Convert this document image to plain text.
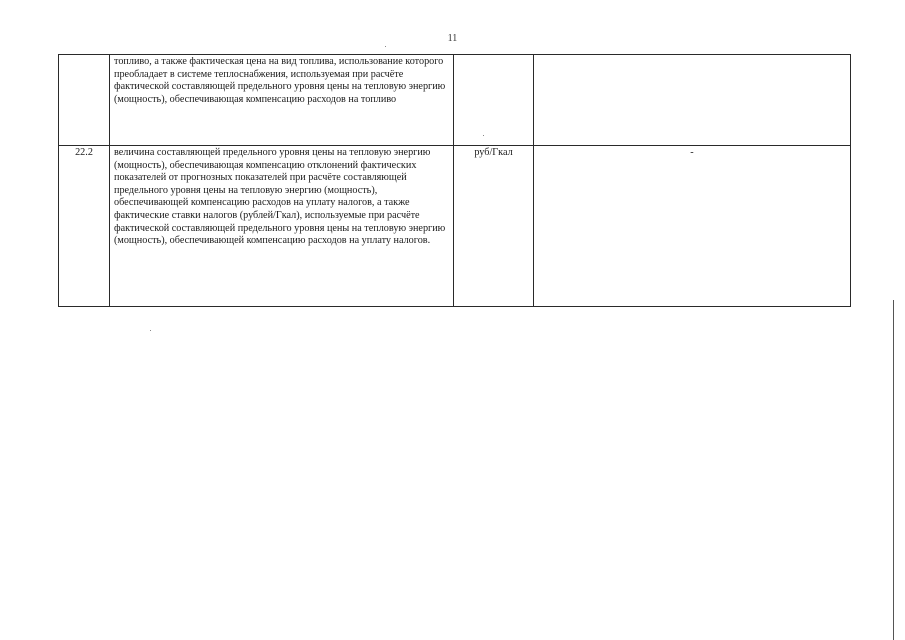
11

	топливо, а также фактическая цена на вид топлива, использование которого преобладает в системе теплоснабжения, используемая при расчёте фактической составляющей предельного уровня цены на тепловую энергию (мощность), обеспечивающая компенсацию расходов на топливо		

22.2	величина составляющей предельного уровня цены на тепловую энергию (мощность), обеспечивающая компенсацию отклонений фактических показателей от прогнозных показателей при расчёте составляющей предельного уровня цены на тепловую энергию (мощность), обеспечивающей компенсацию расходов на уплату налогов, а также фактические ставки налогов (рублей/Гкал), используемые при расчёте фактической составляющей предельного уровня цены на тепловую энергию (мощность), обеспечивающей компенсацию расходов на уплату налогов.	руб/Гкал	-
